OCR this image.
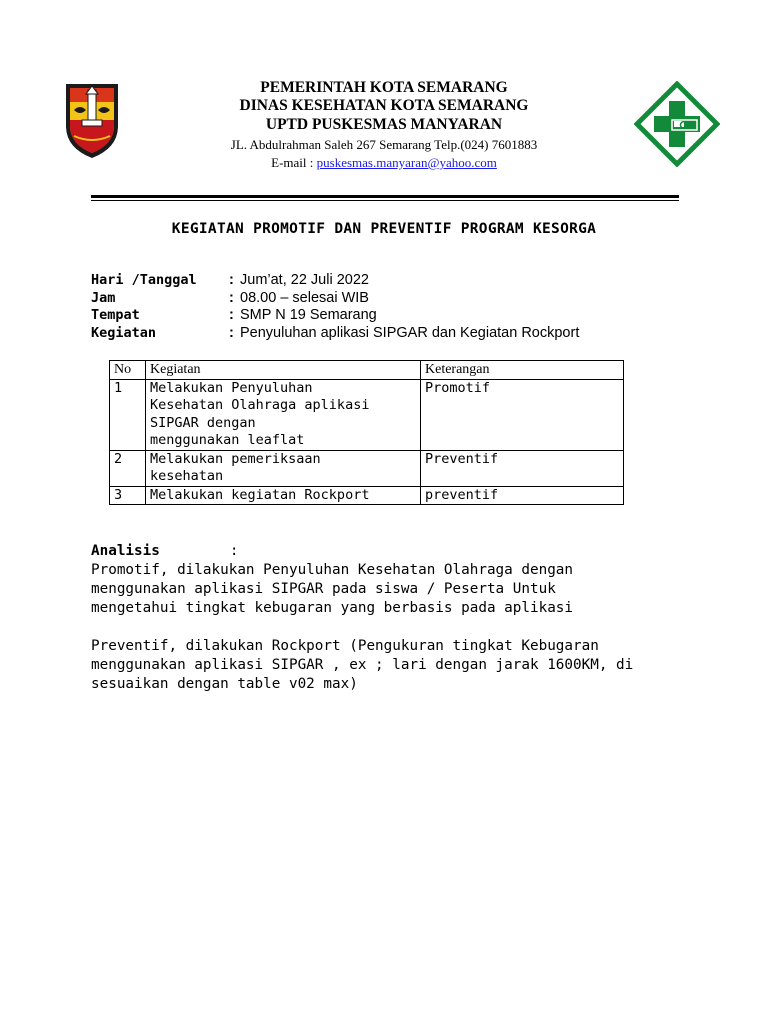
PEMERINTAH KOTA SEMARANG
DINAS KESEHATAN KOTA SEMARANG
UPTD PUSKESMAS MANYARAN
JL. Abdulrahman Saleh 267 Semarang Telp.(024) 7601883
E-mail : puskesmas.manyaran@yahoo.com
KEGIATAN PROMOTIF DAN PREVENTIF PROGRAM KESORGA
Hari /Tanggal	: Jum’at, 22 Juli 2022
Jam	: 08.00 – selesai WIB
Tempat	: SMP N 19 Semarang
Kegiatan	: Penyuluhan aplikasi SIPGAR dan Kegiatan Rockport
No	Kegiatan	Keterangan
1	Melakukan Penyuluhan
Kesehatan Olahraga aplikasi
SIPGAR dengan
menggunakan leaflat	Promotif
2	Melakukan pemeriksaan
kesehatan	Preventif
3	Melakukan kegiatan Rockport	preventif
Analisis	:

Promotif, dilakukan Penyuluhan Kesehatan Olahraga dengan
menggunakan aplikasi SIPGAR pada siswa / Peserta Untuk
mengetahui tingkat kebugaran yang berbasis pada aplikasi

Preventif, dilakukan Rockport (Pengukuran tingkat Kebugaran
menggunakan aplikasi SIPGAR , ex ; lari dengan jarak 1600KM, di
sesuaikan dengan table v02 max)
